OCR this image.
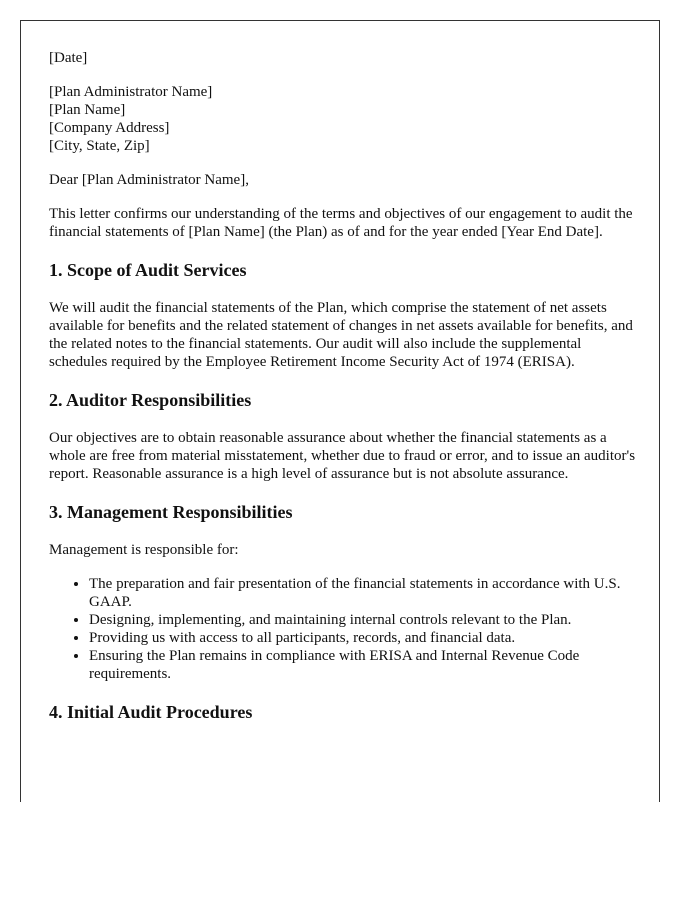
[Date]

[Plan Administrator Name]

[Plan Name]

[Company Address]

[City, State, Zip]

Dear [Plan Administrator Name],

This letter confirms our understanding of the terms and objectives of our engagement to audit the financial statements of [Plan Name] (the Plan) as of and for the year ended [Year End Date].

1. Scope of Audit Services

We will audit the financial statements of the Plan, which comprise the statement of net assets available for benefits and the related statement of changes in net assets available for benefits, and the related notes to the financial statements. Our audit will also include the supplemental schedules required by the Employee Retirement Income Security Act of 1974 (ERISA).

2. Auditor Responsibilities

Our objectives are to obtain reasonable assurance about whether the financial statements as a whole are free from material misstatement, whether due to fraud or error, and to issue an auditor's report. Reasonable assurance is a high level of assurance but is not absolute assurance.

3. Management Responsibilities

Management is responsible for:

• The preparation and fair presentation of the financial statements in accordance with U.S. GAAP.
• Designing, implementing, and maintaining internal controls relevant to the Plan.
• Providing us with access to all participants, records, and financial data.
• Ensuring the Plan remains in compliance with ERISA and Internal Revenue Code requirements.
4. Initial Audit Procedures
